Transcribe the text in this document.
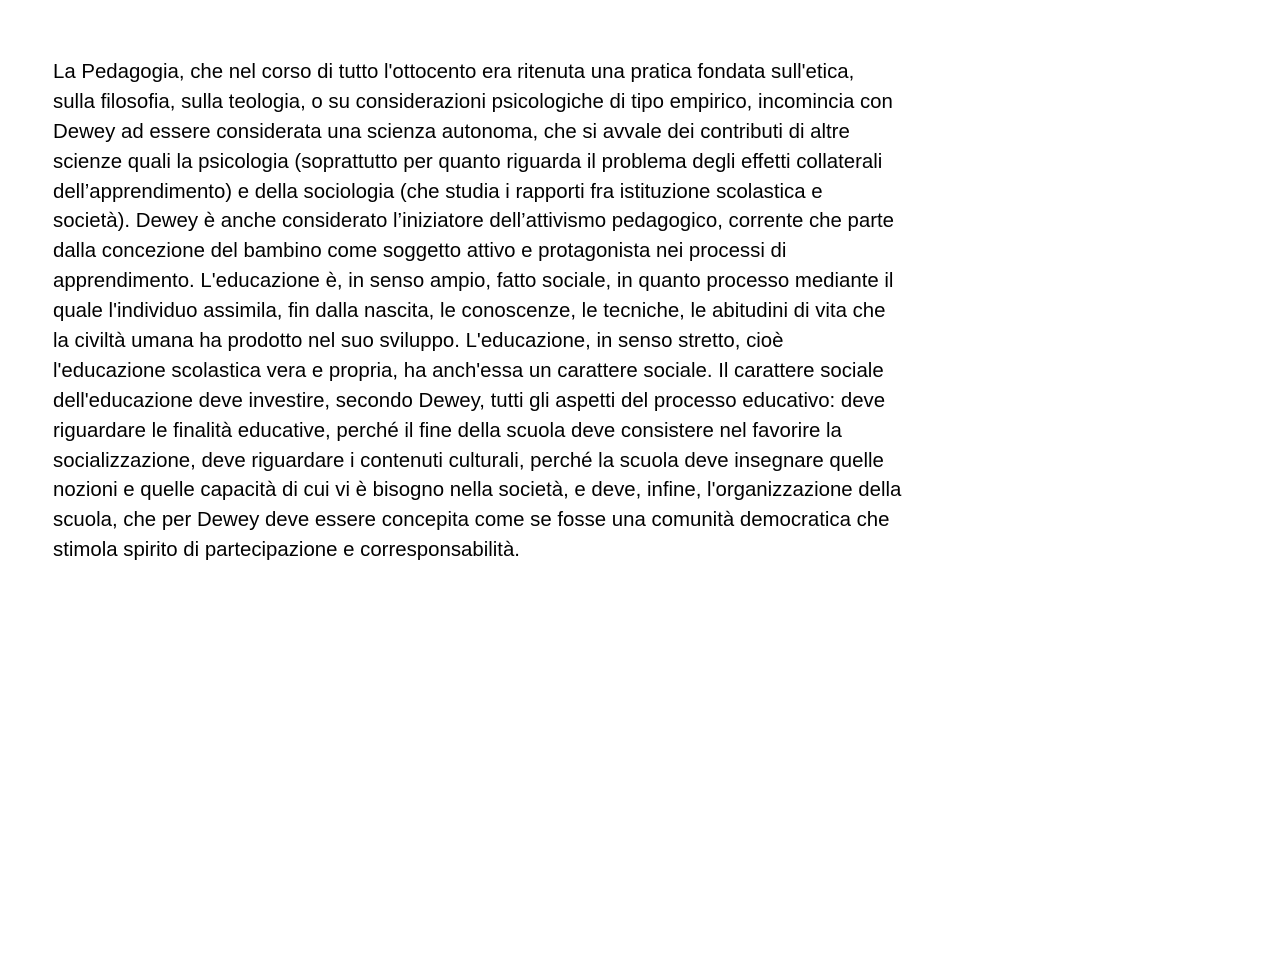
La Pedagogia, che nel corso di tutto l'ottocento era ritenuta una pratica fondata sull'etica,
sulla filosofia, sulla teologia, o su considerazioni psicologiche di tipo empirico, incomincia con
Dewey ad essere considerata una scienza autonoma, che si avvale dei contributi di altre
scienze quali la psicologia (soprattutto per quanto riguarda il problema degli effetti collaterali
dell’apprendimento) e della sociologia (che studia i rapporti fra istituzione scolastica e
società). Dewey è anche considerato l’iniziatore dell’attivismo pedagogico, corrente che parte
dalla concezione del bambino come soggetto attivo e protagonista nei processi di
apprendimento. L'educazione è, in senso ampio, fatto sociale, in quanto processo mediante il
quale l'individuo assimila, fin dalla nascita, le conoscenze, le tecniche, le abitudini di vita che
la civiltà umana ha prodotto nel suo sviluppo. L'educazione, in senso stretto, cioè
l'educazione scolastica vera e propria, ha anch'essa un carattere sociale. Il carattere sociale
dell'educazione deve investire, secondo Dewey, tutti gli aspetti del processo educativo: deve
riguardare le finalità educative, perché il fine della scuola deve consistere nel favorire la
socializzazione, deve riguardare i contenuti culturali, perché la scuola deve insegnare quelle
nozioni e quelle capacità di cui vi è bisogno nella società, e deve, infine, l'organizzazione della
scuola, che per Dewey deve essere concepita come se fosse una comunità democratica che
stimola spirito di partecipazione e corresponsabilità.
